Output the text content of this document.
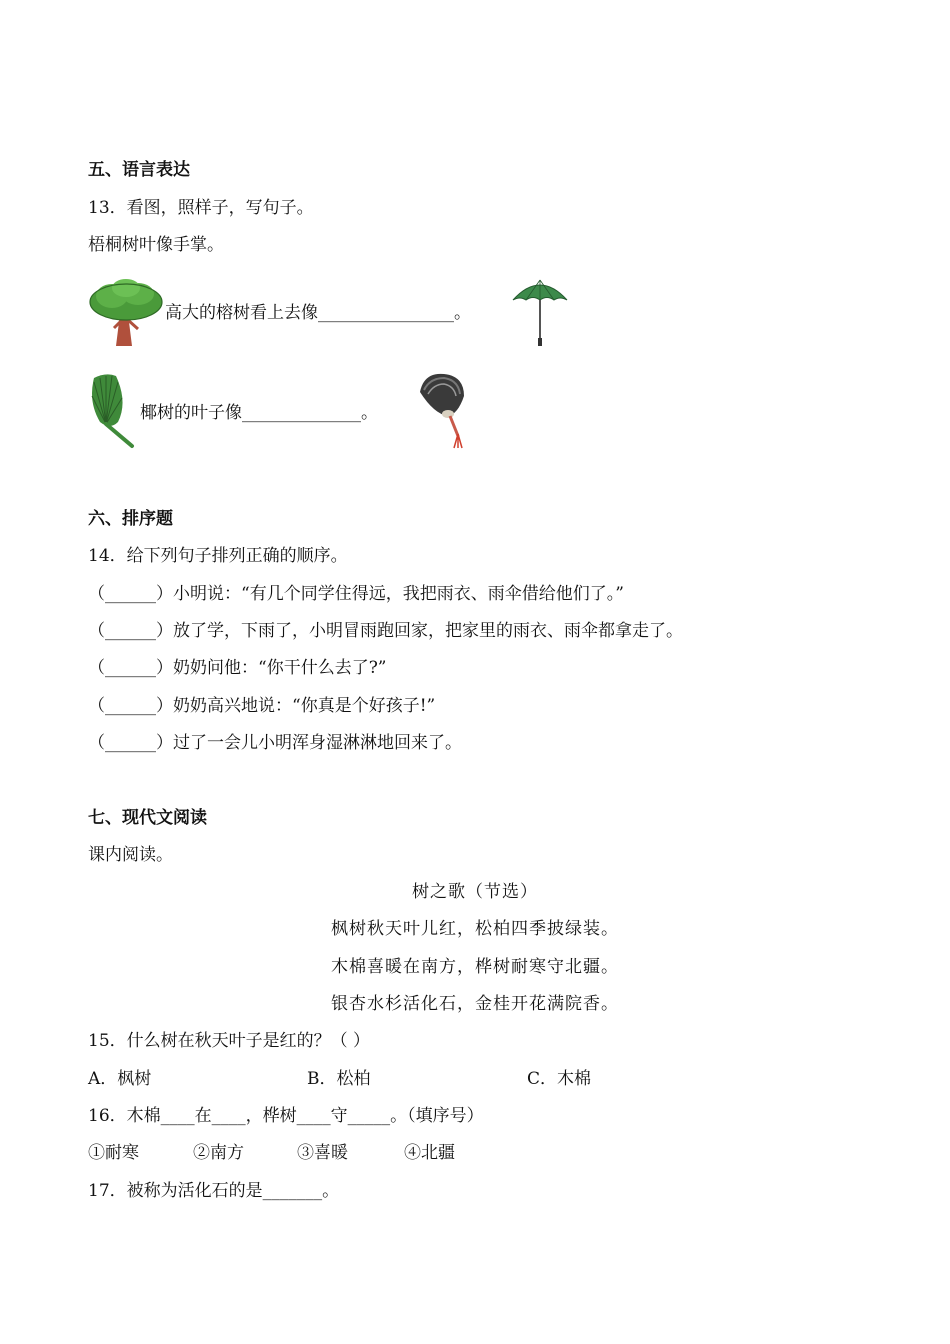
五、语言表达
13．看图，照样子，写句子。
梧桐树叶像手掌。
高大的榕树看上去像________________。
椰树的叶子像______________。
六、排序题
14．给下列句子排列正确的顺序。
（______）小明说：“有几个同学住得远，我把雨衣、雨伞借给他们了。”
（______）放了学，下雨了，小明冒雨跑回家，把家里的雨衣、雨伞都拿走了。
（______）奶奶问他：“你干什么去了?”
（______）奶奶高兴地说：“你真是个好孩子!”
（______）过了一会儿小明浑身湿淋淋地回来了。
七、现代文阅读
课内阅读。
树之歌（节选）
枫树秋天叶儿红，松柏四季披绿装。
木棉喜暖在南方，桦树耐寒守北疆。
银杏水杉活化石，金桂开花满院香。
15．什么树在秋天叶子是红的？（ ）
A．枫树	B．松柏	C．木棉
16．木棉____在____，桦树____守_____。（填序号）
①耐寒	②南方	③喜暖	④北疆
17．被称为活化石的是_______。
